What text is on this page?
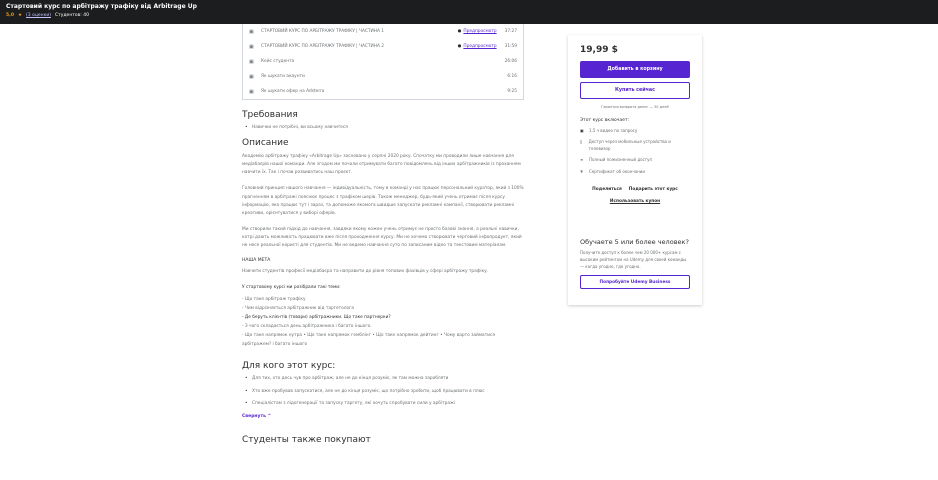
Стартовий курс по арбітражу трафіку від Arbitrage Up
5,0 ★ (3 оценки) Студентов: 40
▣ СТАРТОВИЙ КУРС ПО АРБІТРАЖУ ТРАФІКУ | ЧАСТИНА 1	● Предпросмотр 37:27
▣ СТАРТОВИЙ КУРС ПО АРБІТРАЖУ ТРАФІКУ | ЧАСТИНА 2	● Предпросмотр 31:59
▣ Кейс студента	26:06
▣ Як шукати акаунти	6:16
▣ Як шукати офер на Adsterra	9:25
Требования
• Навички не потрібні, ви всьому навчитеся
Описание

Академію арбітражу трафіку «Arbitrage Up» засновано у серпні 2020 року. Спочатку ми проводили лише навчання для медіабаєрів нашої команди. Але згодом ми почали отримувати багато повідомлень від інших арбітражників із проханням навчити їх. Так і почав розвиватись наш проєкт.

Головний принцип нашого навчання — індивідуальність, тому в команді у нас працює персональний куратор, який з 100% прагненням в арбітражі пояснює процес з трафіком шерів. Також менеджер, будь-який учень отримає після курсу інформацію, яка працює тут і зараз, та допоможе якомога швидше запускати рекламні кампанії, створювати рекламні креативи, орієнтуватися у виборі оферів.

Ми створили такий підхід до навчання, завдяки якому кожен учень отримує не просто базові знання, а реальні навички, котрі дають можливість працювати вже після проходження курсу. Ми не хочемо створювати черговий інфопродукт, який не несе реальної користі для студентів. Ми не ведемо навчання суто по записаним відео та текстовим матеріалам.

НАША МЕТА

Навчити студентів професії медіабаєра та направити до рівня топових фахівців у сфері арбітражу трафіку.

У стартовому курсі ми розібрали такі теми:

- Що таке арбітраж трафіку

- Чим відрізняється арбітражник від таргетолога

- Де беруть клієнтів (товари) арбітражники. Що таке партнерки?

- З чого складається день арбітражника і багато іншого.

- Що таке напрямок нутра • Що таке напрямок гемблінг • Що таке напрямок дейтинг • Чому варто займатися арбітражем? і багато іншого

Для кого этот курс:
• Для тих, хто десь чув про арбітраж, але не до кінця розуміє, як там можна заробляти
• Хто вже пробував запускатися, але не до кінця розуміє, що потрібно зробити, щоб працювати в плюс
• Спеціалістам з лідогенерації та запуску таргету, які хочуть спробувати сили у арбітражі
Свернуть ^
Студенты также покупают
19,99 $
Добавить в корзину
Купить сейчас
Гарантия возврата денег — 30 дней
Этот курс включает:
▣	1,5 ч видео по запросу
▯	Доступ через мобильные устройства и телевизор
∞	Полный пожизненный доступ
♆	Сертификат об окончании
Поделиться Подарить этот курс
Использовать купон
Обучаете 5 или более человек?
Получите доступ к более чем 20 000+ курсам с высоким рейтингом на Udemy для своей команды — когда угодно, где угодно.
Попробуйте Udemy Business
